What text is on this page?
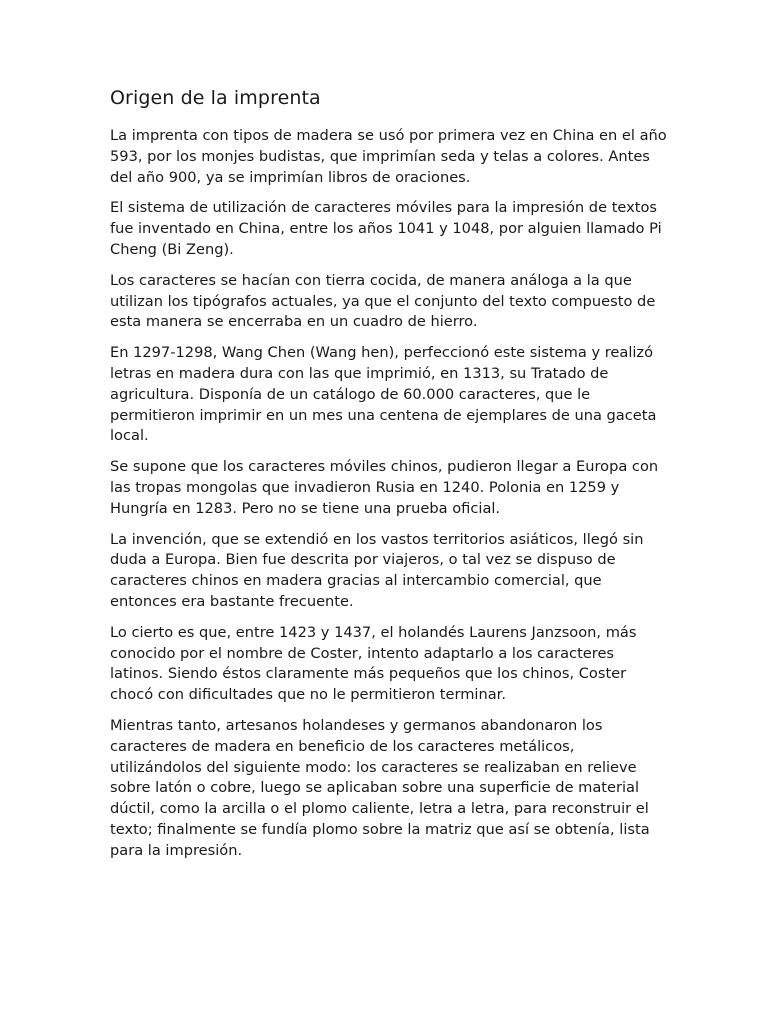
Origen de la imprenta

La imprenta con tipos de madera se usó por primera vez en China en el año 593, por los monjes budistas, que imprimían seda y telas a colores. Antes del año 900, ya se imprimían libros de oraciones.

El sistema de utilización de caracteres móviles para la impresión de textos fue inventado en China, entre los años 1041 y 1048, por alguien llamado Pi Cheng (Bi Zeng).

Los caracteres se hacían con tierra cocida, de manera análoga a la que utilizan los tipógrafos actuales, ya que el conjunto del texto compuesto de esta manera se encerraba en un cuadro de hierro.

En 1297-1298, Wang Chen (Wang hen), perfeccionó este sistema y realizó letras en madera dura con las que imprimió, en 1313, su Tratado de agricultura. Disponía de un catálogo de 60.000 caracteres, que le permitieron imprimir en un mes una centena de ejemplares de una gaceta local.

Se supone que los caracteres móviles chinos, pudieron llegar a Europa con las tropas mongolas que invadieron Rusia en 1240. Polonia en 1259 y Hungría en 1283. Pero no se tiene una prueba oficial.

La invención, que se extendió en los vastos territorios asiáticos, llegó sin duda a Europa. Bien fue descrita por viajeros, o tal vez se dispuso de caracteres chinos en madera gracias al intercambio comercial, que entonces era bastante frecuente.

Lo cierto es que, entre 1423 y 1437, el holandés Laurens Janzsoon, más conocido por el nombre de Coster, intento adaptarlo a los caracteres latinos. Siendo éstos claramente más pequeños que los chinos, Coster chocó con dificultades que no le permitieron terminar.

Mientras tanto, artesanos holandeses y germanos abandonaron los caracteres de madera en beneficio de los caracteres metálicos, utilizándolos del siguiente modo: los caracteres se realizaban en relieve sobre latón o cobre, luego se aplicaban sobre una superficie de material dúctil, como la arcilla o el plomo caliente, letra a letra, para reconstruir el texto; finalmente se fundía plomo sobre la matriz que así se obtenía, lista para la impresión.
